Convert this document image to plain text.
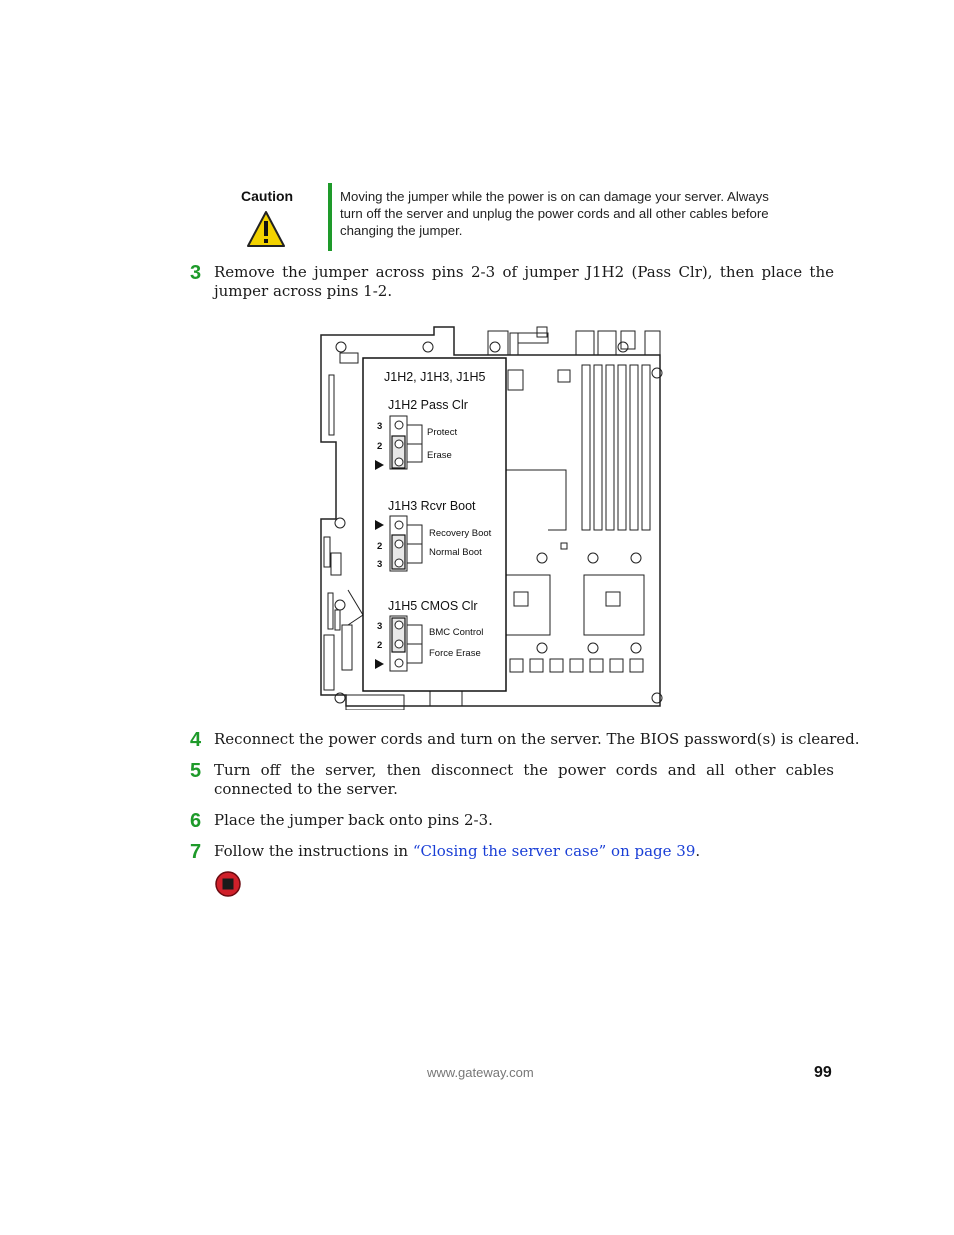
Caution	Moving the jumper while the power is on can damage your server. Always turn off the server and unplug the power cords and all other cables before changing the jumper.
3 Remove the jumper across pins 2-3 of jumper J1H2 (Pass Clr), then place the jumper across pins 1-2.
J1H2, J1H3, J1H5
J1H2 Pass Clr
3
2
Protect
Erase
J1H3 Rcvr Boot
2
3
Recovery Boot
Normal Boot
J1H5 CMOS Clr
3
2
BMC Control
Force Erase
4 Reconnect the power cords and turn on the server. The BIOS password(s) is cleared.
5 Turn off the server, then disconnect the power cords and all other cables connected to the server.
6 Place the jumper back onto pins 2-3.
7 Follow the instructions in “Closing the server case” on page 39.
www.gateway.com	99
